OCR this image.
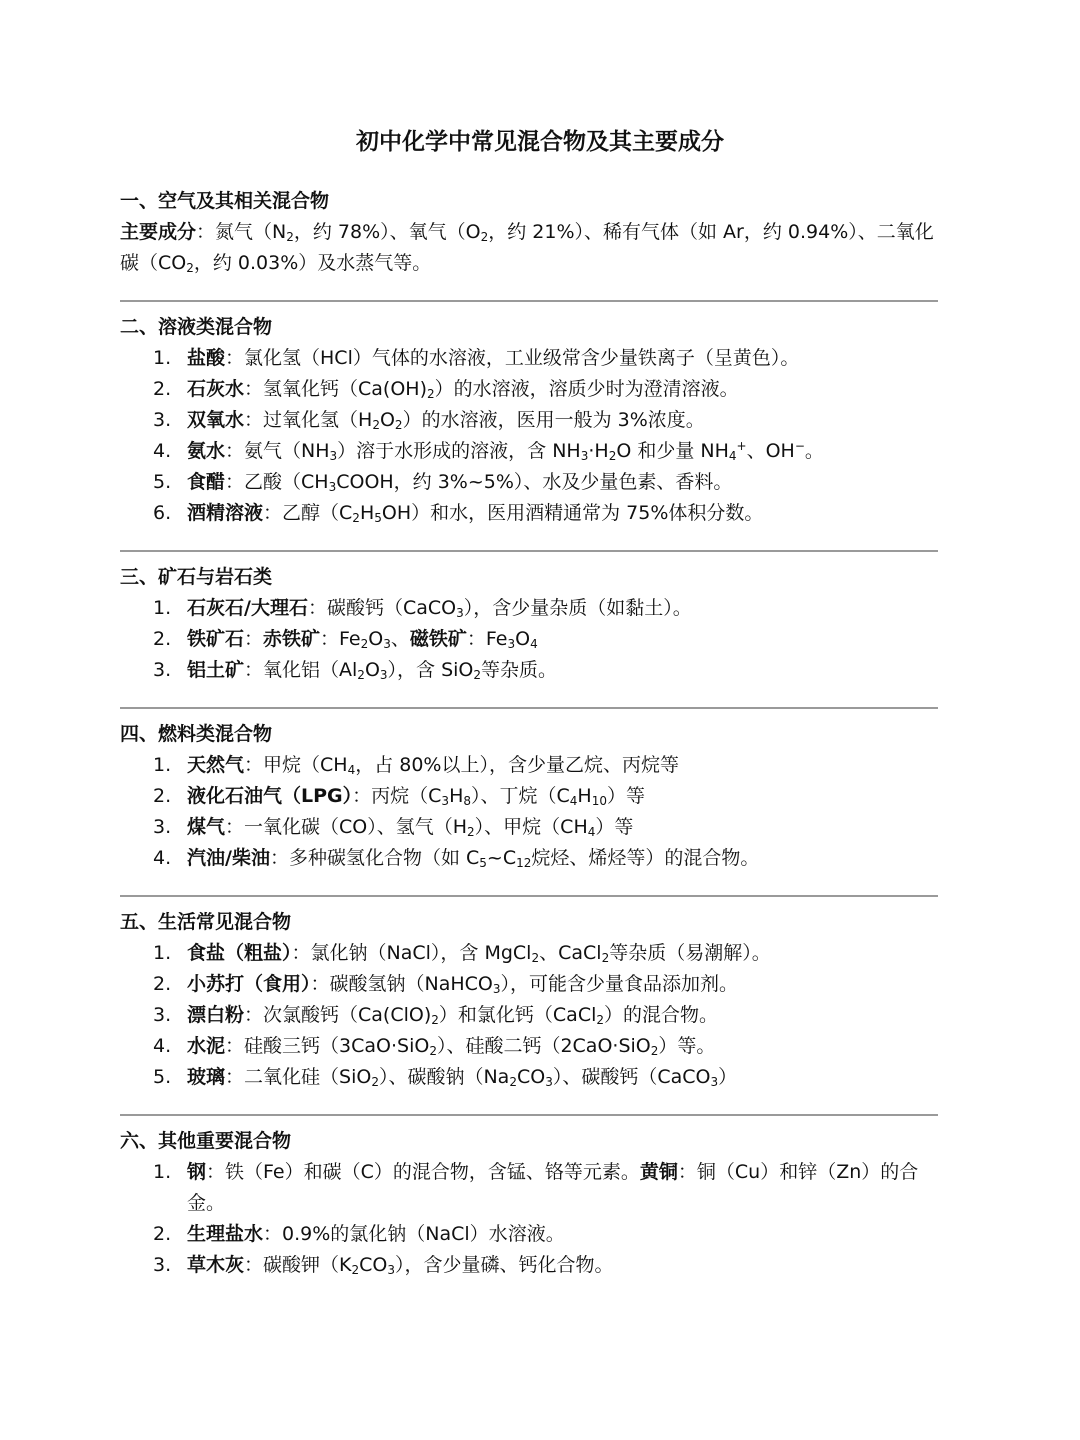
初中化学中常见混合物及其主要成分
一、空气及其相关混合物
主要成分：氮气（$N_2$，约 78%）、氧气（$O_2$，约 21%）、稀有气体（如 Ar，约 0.94%）、二氧化碳（$CO_2$，约 0.03%）及水蒸气等。
二、溶液类混合物
1. 盐酸：氯化氢（HCl）气体的水溶液，工业级常含少量铁离子（呈黄色）。
2. 石灰水：氢氧化钙$(Ca(OH)_2)$的水溶液，溶质少时为澄清溶液。
3. 双氧水：过氧化氢$(H_2O_2)$的水溶液，医用一般为 3%浓度。
4. 氨水：氨气$(NH_3)$溶于水形成的溶液，含 $NH_3\cdot H_2O$ 和少量 $NH_4^+$、OH−。
5. 食醋：乙酸（$CH_3COOH$，约 3%~5%）、水及少量色素、香料。
6. 酒精溶液：乙醇$(C_2H_5OH)$和水，医用酒精通常为 75%体积分数。
三、矿石与岩石类
1. 石灰石/大理石：碳酸钙（CaCO$_3$），含少量杂质（如黏土）。
2. 铁矿石：赤铁矿：$Fe_2O_3$、磁铁矿：$Fe_3O_4$
3. 铝土矿：氧化铝$(Al_2O_3)$，含 SiO$_2$等杂质。
四、燃料类混合物
1. 天然气：甲烷（$CH_4$，占 80%以上），含少量乙烷、丙烷等
2. 液化石油气（LPG）：丙烷$(C_3H_8)$、丁烷$(C_4H_{10})$等
3. 煤气：一氧化碳（CO）、氢气$(H_2)$、甲烷$(CH_4)$等
4. 汽油/柴油：多种碳氢化合物（如 $C_5\sim C_{12}$烷烃、烯烃等）的混合物。
五、生活常见混合物
1. 食盐（粗盐）：氯化钠（NaCl），含 MgCl$_2$、CaCl$_2$等杂质（易潮解）。
2. 小苏打（食用）：碳酸氢钠（NaHCO$_3$），可能含少量食品添加剂。
3. 漂白粉：次氯酸钙$(Ca(ClO)_2)$和氯化钙（CaCl$_2$）的混合物。
4. 水泥：硅酸三钙（3CaO·SiO$_2$）、硅酸二钙（2CaO·SiO$_2$）等。
5. 玻璃：二氧化硅（SiO$_2$）、碳酸钠$(Na_2CO_3)$、碳酸钙（CaCO$_3$）
六、其他重要混合物
1. 钢：铁（Fe）和碳（C）的混合物，含锰、铬等元素。黄铜：铜（Cu）和锌（Zn）的合金。
2. 生理盐水：0.9%的氯化钠（NaCl）水溶液。
3. 草木灰：碳酸钾$(K_2CO_3)$，含少量磷、钙化合物。
